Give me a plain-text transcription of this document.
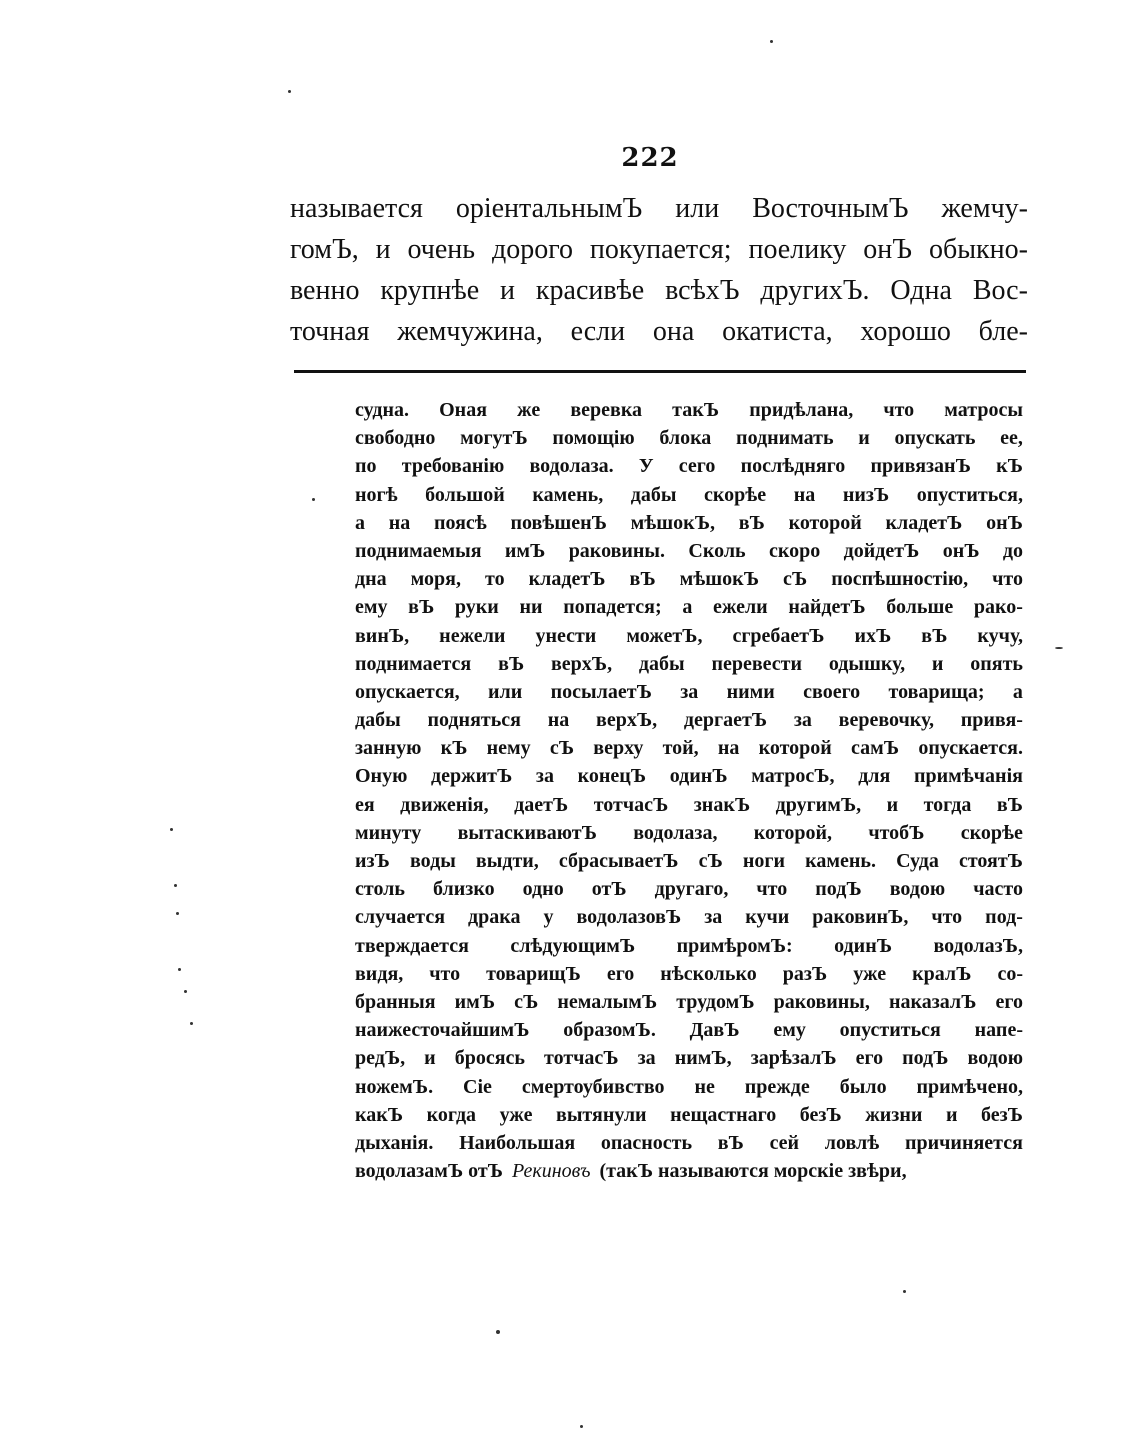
222
называется оріентальнымЪ или ВосточнымЪ жемчу-
гомЪ, и очень дорого покупается; поелику онЪ обыкно-
венно крупнѣе и красивѣе всѣхЪ другихЪ. Одна Вос-
точная жемчужина, если она окатиста, хорошо бле-
судна. Оная же веревка такЪ придѣлана, что матросы
свободно могутЪ помощію блока поднимать и опускать ее,
по требованію водолаза. У сего послѣдняго привязанЪ кЪ
ногѣ большой камень, дабы скорѣе на низЪ опуститься,
а на поясѣ повѣшенЪ мѣшокЪ, вЪ которой кладетЪ онЪ
поднимаемыя имЪ раковины. Сколь скоро дойдетЪ онЪ до
дна моря, то кладетЪ вЪ мѣшокЪ сЪ поспѣшностію, что
ему вЪ руки ни попадется; а ежели найдетЪ больше рако-
винЪ, нежели унести можетЪ, сгребаетЪ ихЪ вЪ кучу,
поднимается вЪ верхЪ, дабы перевести одышку, и опять
опускается, или посылаетЪ за ними своего товарища; а
дабы подняться на верхЪ, дергаетЪ за веревочку, привя-
занную кЪ нему сЪ верху той, на которой самЪ опускается.
Оную держитЪ за конецЪ одинЪ матросЪ, для примѣчанія
ея движенія, даетЪ тотчасЪ знакЪ другимЪ, и тогда вЪ
минуту вытаскиваютЪ водолаза, которой, чтобЪ скорѣе
изЪ воды выдти, сбрасываетЪ сЪ ноги камень. Суда стоятЪ
столь близко одно отЪ другаго, что подЪ водою часто
случается драка у водолазовЪ за кучи раковинЪ, что под-
тверждается слѣдующимЪ примѣромЪ: одинЪ водолазЪ,
видя, что товарищЪ его нѣсколько разЪ уже кралЪ со-
бранныя имЪ сЪ немалымЪ трудомЪ раковины, наказалЪ его
наижесточайшимЪ образомЪ. ДавЪ ему опуститься напе-
редЪ, и бросясь тотчасЪ за нимЪ, зарѣзалЪ его подЪ водою
ножемЪ. Сіе смертоубивство не прежде было примѣчено,
какЪ когда уже вытянули нещастнаго безЪ жизни и безЪ
дыханія. Наибольшая опасность вЪ сей ловлѣ причиняется
водолазамЪ отЪ Рекиновъ (такЪ называются морскіе звѣри,
